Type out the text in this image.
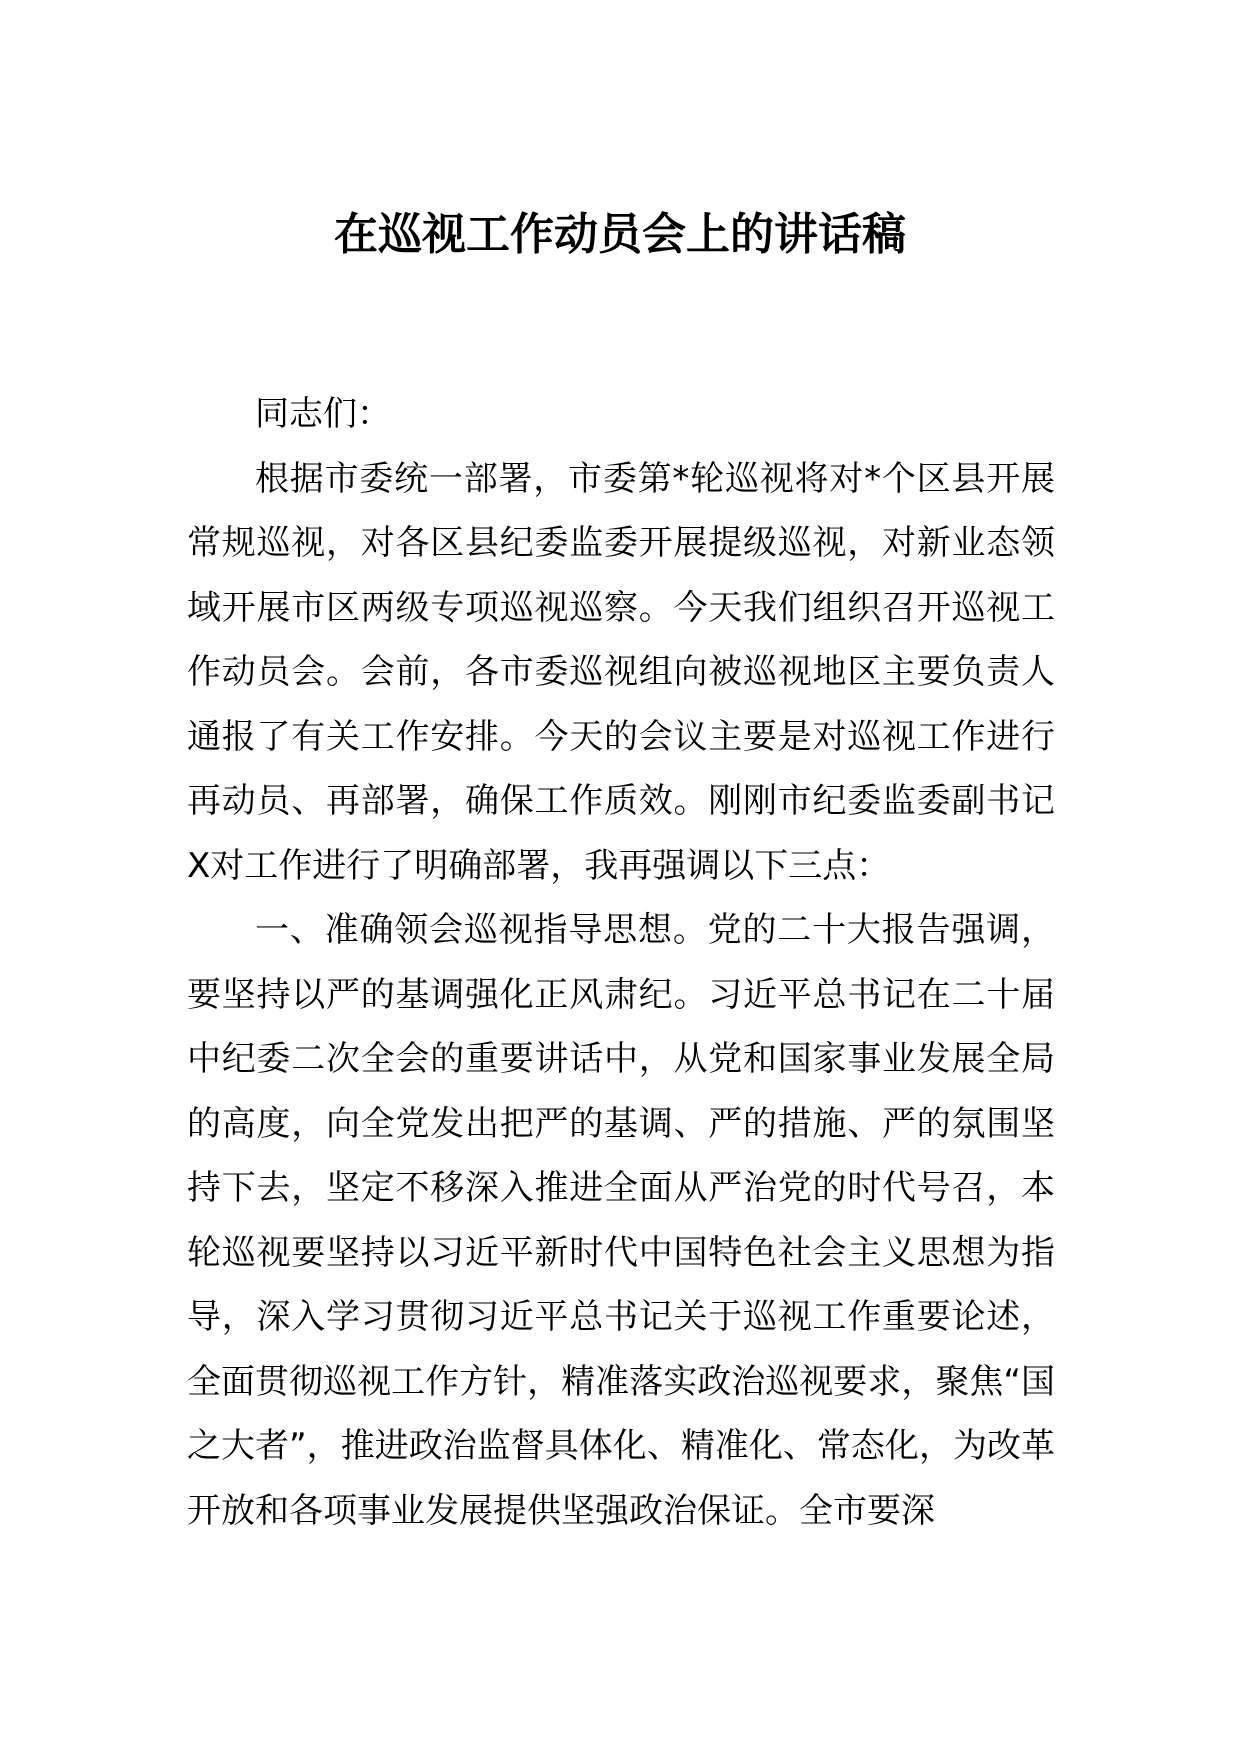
在巡视工作动员会上的讲话稿

同志们：

根据市委统一部署，市委第*轮巡视将对*个区县开展常规巡视，对各区县纪委监委开展提级巡视，对新业态领域开展市区两级专项巡视巡察。今天我们组织召开巡视工作动员会。会前，各市委巡视组向被巡视地区主要负责人通报了有关工作安排。今天的会议主要是对巡视工作进行再动员、再部署，确保工作质效。刚刚市纪委监委副书记X对工作进行了明确部署，我再强调以下三点：

一、准确领会巡视指导思想。党的二十大报告强调，要坚持以严的基调强化正风肃纪。习近平总书记在二十届中纪委二次全会的重要讲话中，从党和国家事业发展全局的高度，向全党发出把严的基调、严的措施、严的氛围坚持下去，坚定不移深入推进全面从严治党的时代号召，本轮巡视要坚持以习近平新时代中国特色社会主义思想为指导，深入学习贯彻习近平总书记关于巡视工作重要论述，全面贯彻巡视工作方针，精准落实政治巡视要求，聚焦“国之大者”，推进政治监督具体化、精准化、常态化，为改革开放和各项事业发展提供坚强政治保证。全市要深
